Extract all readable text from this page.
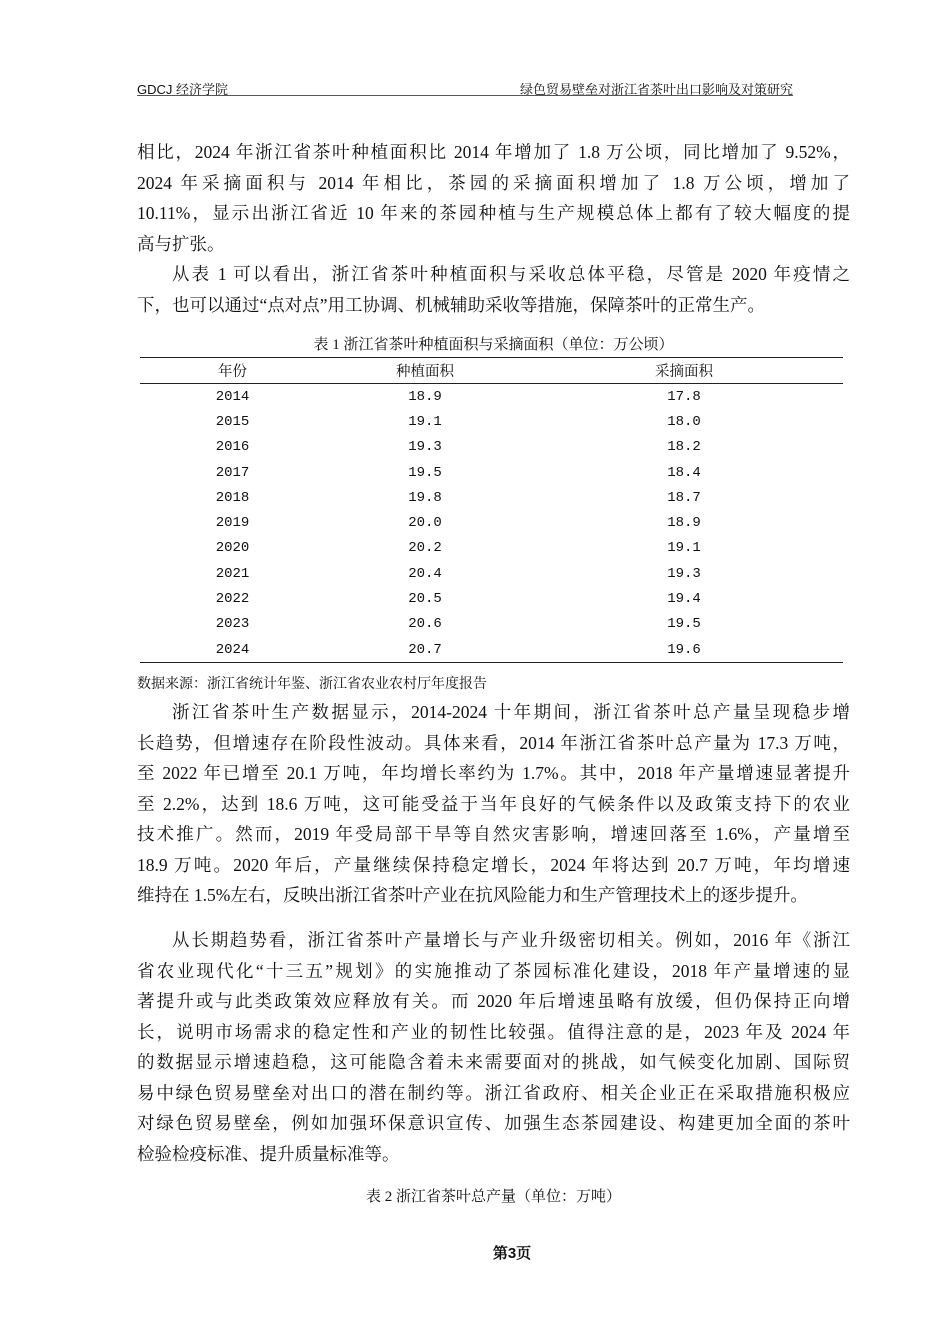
GDCJ 经济学院	绿色贸易壁垒对浙江省茶叶出口影响及对策研究
相比，2024 年浙江省茶叶种植面积比 2014 年增加了 1.8 万公顷，同比增加了 9.52%，
2024 年采摘面积与 2014 年相比，茶园的采摘面积增加了 1.8 万公顷，增加了
10.11%，显示出浙江省近 10 年来的茶园种植与生产规模总体上都有了较大幅度的提
高与扩张。
从表 1 可以看出，浙江省茶叶种植面积与采收总体平稳，尽管是 2020 年疫情之
下，也可以通过“点对点”用工协调、机械辅助采收等措施，保障茶叶的正常生产。
表 1 浙江省茶叶种植面积与采摘面积（单位：万公顷）
年份	种植面积	采摘面积
2014	18.9	17.8
2015	19.1	18.0
2016	19.3	18.2
2017	19.5	18.4
2018	19.8	18.7
2019	20.0	18.9
2020	20.2	19.1
2021	20.4	19.3
2022	20.5	19.4
2023	20.6	19.5
2024	20.7	19.6
数据来源：浙江省统计年鉴、浙江省农业农村厅年度报告
浙江省茶叶生产数据显示，2014-2024 十年期间，浙江省茶叶总产量呈现稳步增
长趋势，但增速存在阶段性波动。具体来看，2014 年浙江省茶叶总产量为 17.3 万吨，
至 2022 年已增至 20.1 万吨，年均增长率约为 1.7%。其中，2018 年产量增速显著提升
至 2.2%，达到 18.6 万吨，这可能受益于当年良好的气候条件以及政策支持下的农业
技术推广。然而，2019 年受局部干旱等自然灾害影响，增速回落至 1.6%，产量增至
18.9 万吨。2020 年后，产量继续保持稳定增长，2024 年将达到 20.7 万吨，年均增速
维持在 1.5%左右，反映出浙江省茶叶产业在抗风险能力和生产管理技术上的逐步提升。
从长期趋势看，浙江省茶叶产量增长与产业升级密切相关。例如，2016 年《浙江
省农业现代化“十三五”规划》的实施推动了茶园标准化建设，2018 年产量增速的显
著提升或与此类政策效应释放有关。而 2020 年后增速虽略有放缓，但仍保持正向增
长，说明市场需求的稳定性和产业的韧性比较强。值得注意的是，2023 年及 2024 年
的数据显示增速趋稳，这可能隐含着未来需要面对的挑战，如气候变化加剧、国际贸
易中绿色贸易壁垒对出口的潜在制约等。浙江省政府、相关企业正在采取措施积极应
对绿色贸易壁垒，例如加强环保意识宣传、加强生态茶园建设、构建更加全面的茶叶
检验检疫标准、提升质量标准等。
表 2 浙江省茶叶总产量（单位：万吨）
第3页
